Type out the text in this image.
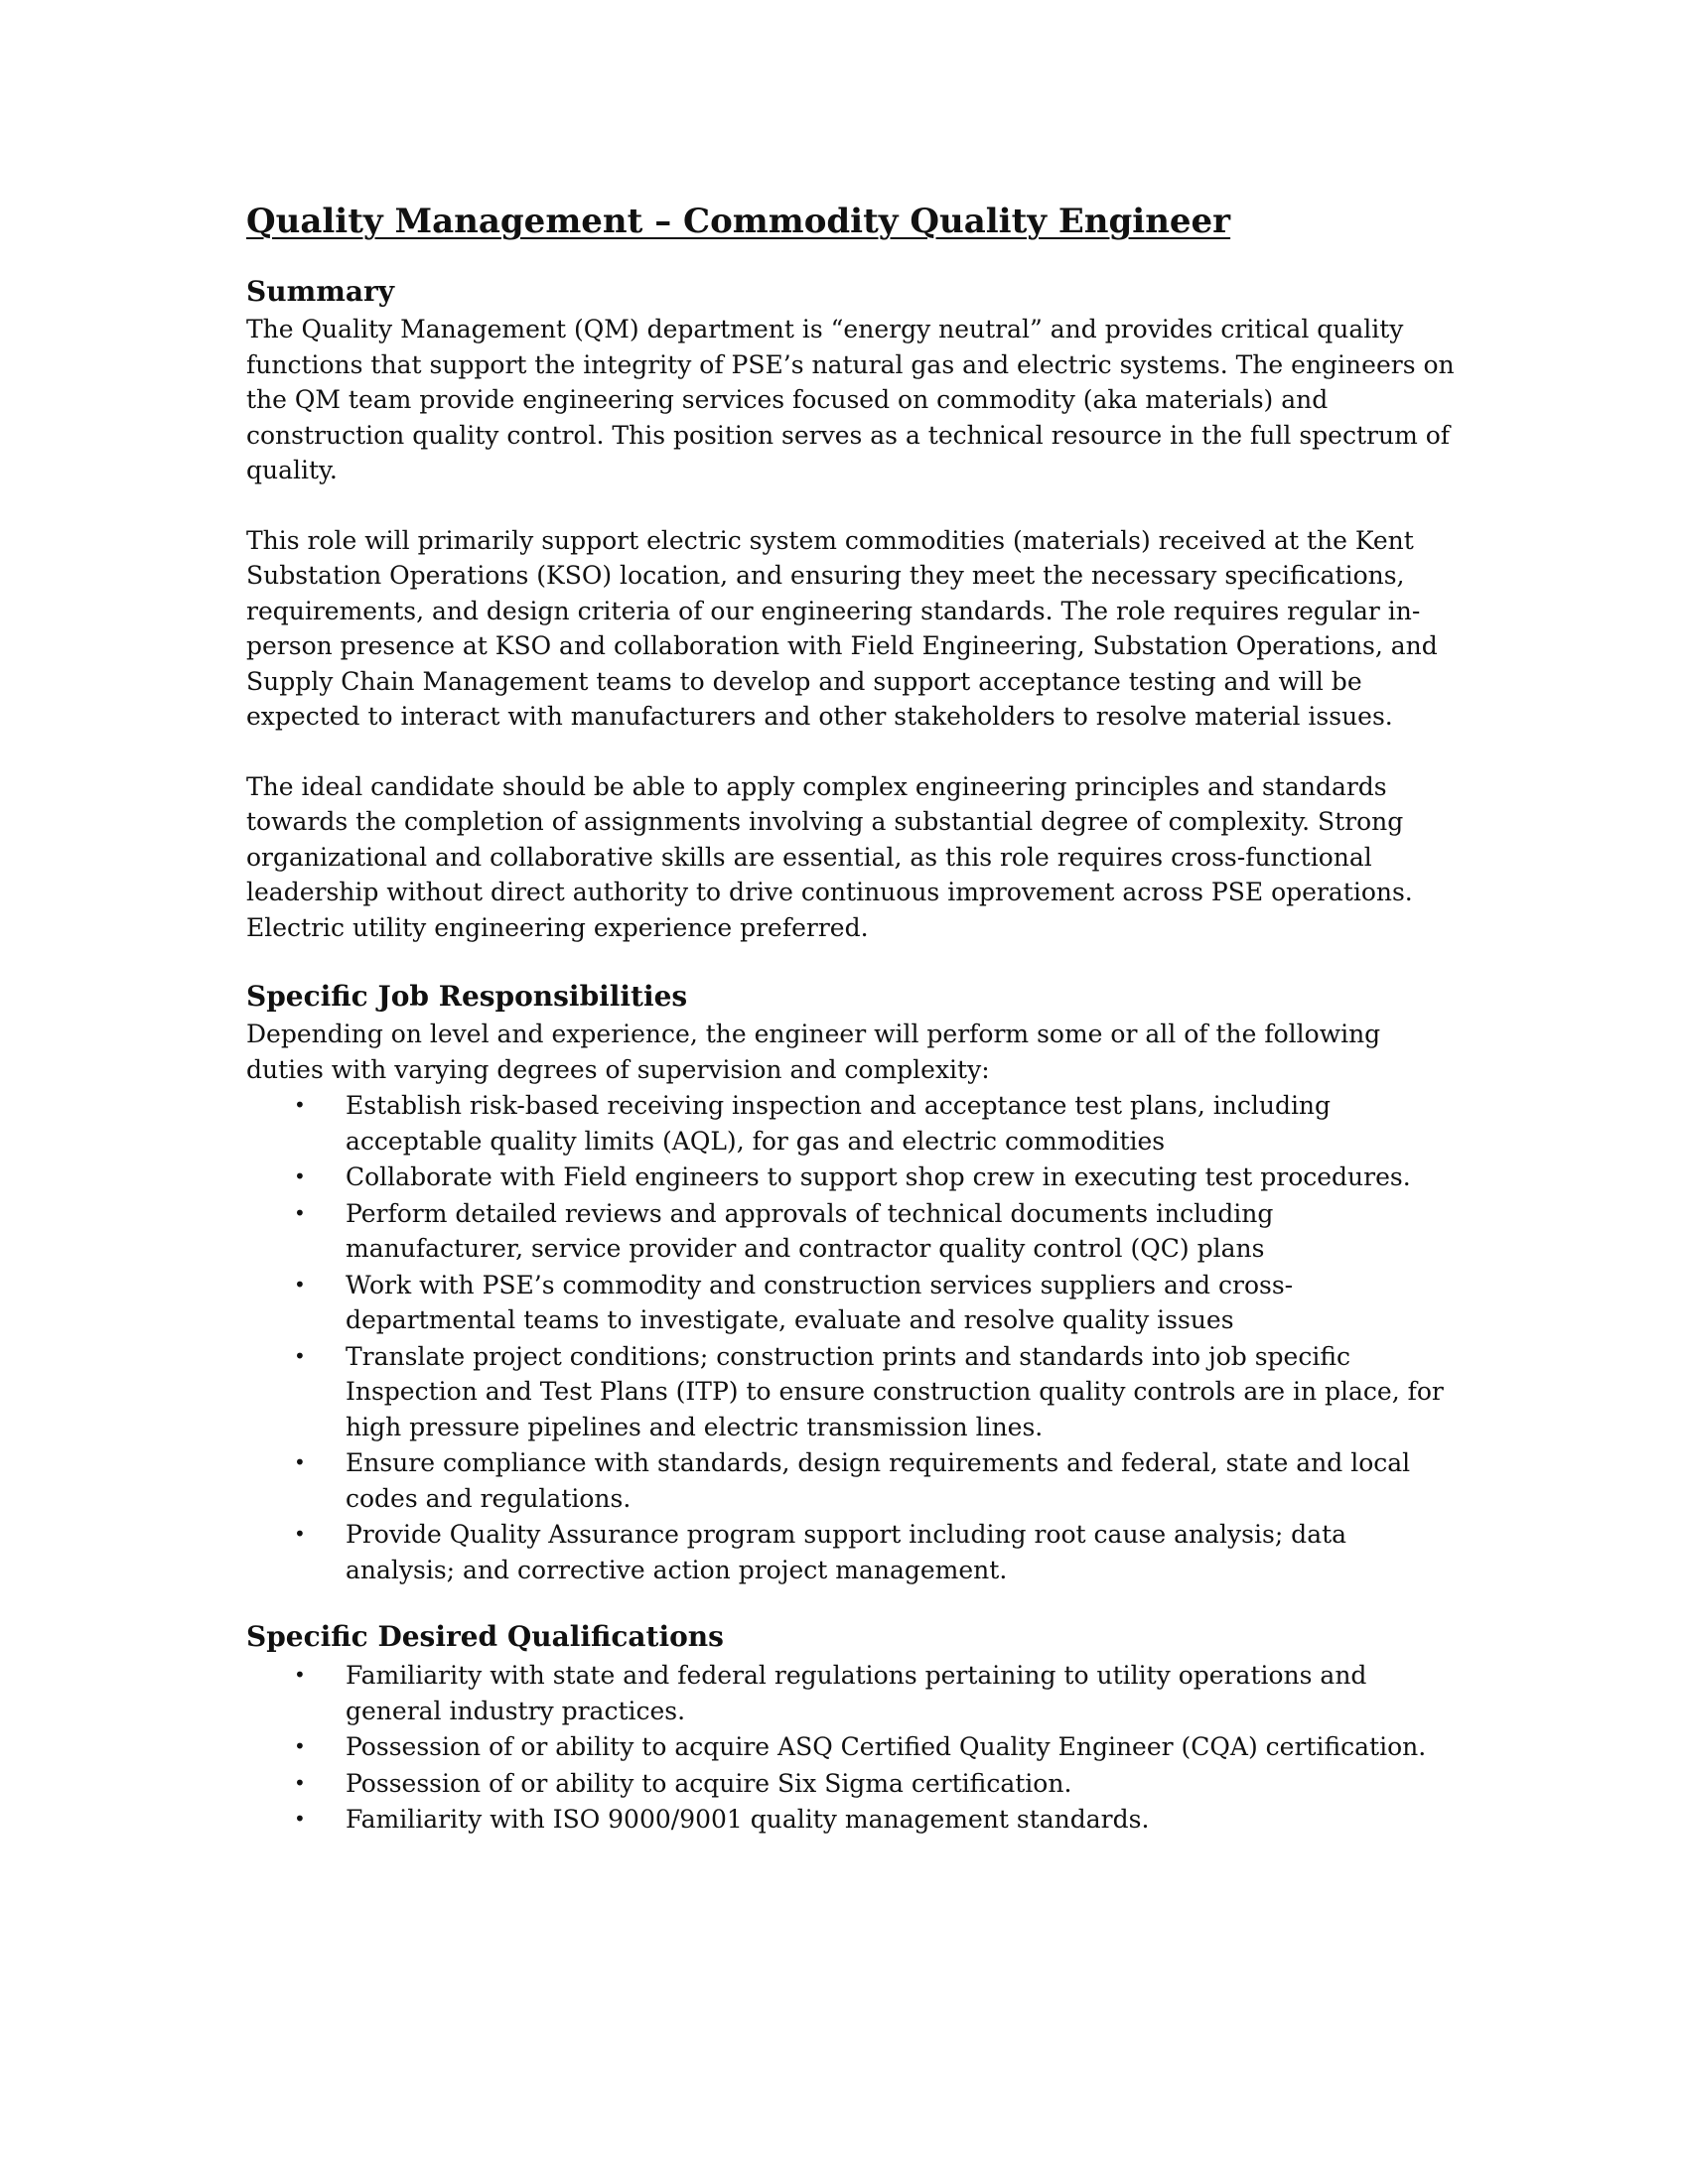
Quality Management – Commodity Quality Engineer
Summary

The Quality Management (QM) department is “energy neutral” and provides critical quality functions that support the integrity of PSE’s natural gas and electric systems. The engineers on the QM team provide engineering services focused on commodity (aka materials) and construction quality control. This position serves as a technical resource in the full spectrum of quality.

This role will primarily support electric system commodities (materials) received at the Kent Substation Operations (KSO) location, and ensuring they meet the necessary specifications, requirements, and design criteria of our engineering standards. The role requires regular in-person presence at KSO and collaboration with Field Engineering, Substation Operations, and Supply Chain Management teams to develop and support acceptance testing and will be expected to interact with manufacturers and other stakeholders to resolve material issues.

The ideal candidate should be able to apply complex engineering principles and standards towards the completion of assignments involving a substantial degree of complexity. Strong organizational and collaborative skills are essential, as this role requires cross-functional leadership without direct authority to drive continuous improvement across PSE operations. Electric utility engineering experience preferred.

Specific Job Responsibilities

Depending on level and experience, the engineer will perform some or all of the following duties with varying degrees of supervision and complexity:

• Establish risk-based receiving inspection and acceptance test plans, including acceptable quality limits (AQL), for gas and electric commodities
• Collaborate with Field engineers to support shop crew in executing test procedures.
• Perform detailed reviews and approvals of technical documents including manufacturer, service provider and contractor quality control (QC) plans
• Work with PSE’s commodity and construction services suppliers and cross-departmental teams to investigate, evaluate and resolve quality issues
• Translate project conditions; construction prints and standards into job specific Inspection and Test Plans (ITP) to ensure construction quality controls are in place, for high pressure pipelines and electric transmission lines.
• Ensure compliance with standards, design requirements and federal, state and local codes and regulations.
• Provide Quality Assurance program support including root cause analysis; data analysis; and corrective action project management.
Specific Desired Qualifications
• Familiarity with state and federal regulations pertaining to utility operations and general industry practices.
• Possession of or ability to acquire ASQ Certified Quality Engineer (CQA) certification.
• Possession of or ability to acquire Six Sigma certification.
• Familiarity with ISO 9000/9001 quality management standards.
